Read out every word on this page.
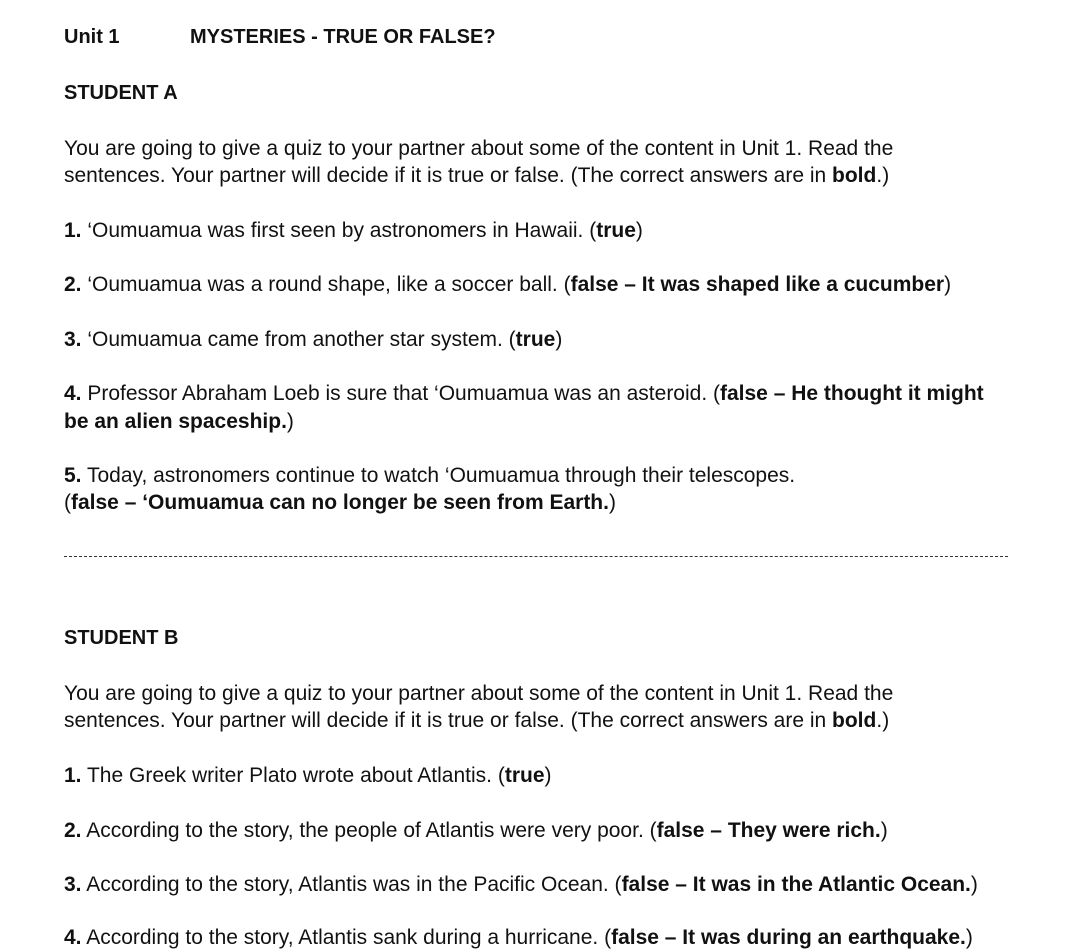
Unit 1	MYSTERIES - TRUE OR FALSE?
STUDENT A
You are going to give a quiz to your partner about some of the content in Unit 1. Read the
sentences. Your partner will decide if it is true or false. (The correct answers are in bold.)
1. ‘Oumuamua was first seen by astronomers in Hawaii. (true)
2. ‘Oumuamua was a round shape, like a soccer ball. (false – It was shaped like a cucumber)
3. ‘Oumuamua came from another star system. (true)
4. Professor Abraham Loeb is sure that ‘Oumuamua was an asteroid. (false – He thought it might
be an alien spaceship.)
5. Today, astronomers continue to watch ‘Oumuamua through their telescopes.
(false – ‘Oumuamua can no longer be seen from Earth.)
STUDENT B
You are going to give a quiz to your partner about some of the content in Unit 1. Read the
sentences. Your partner will decide if it is true or false. (The correct answers are in bold.)
1. The Greek writer Plato wrote about Atlantis. (true)
2. According to the story, the people of Atlantis were very poor. (false – They were rich.)
3. According to the story, Atlantis was in the Pacific Ocean. (false – It was in the Atlantic Ocean.)
4. According to the story, Atlantis sank during a hurricane. (false – It was during an earthquake.)
